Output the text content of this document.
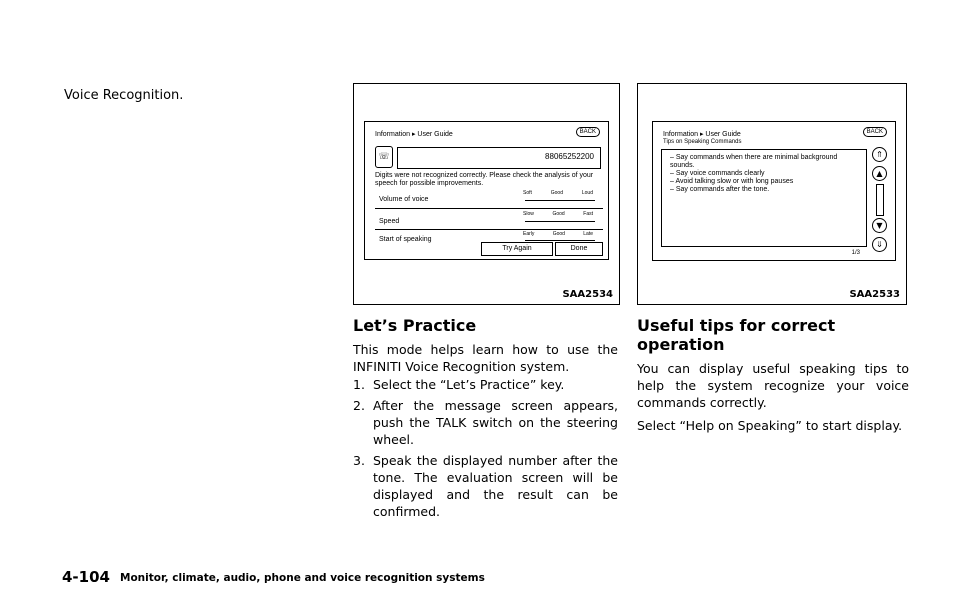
Voice Recognition.
Information ▸ User Guide	BACK
☏	88065252200
Digits were not recognized correctly. Please check the analysis of your speech for possible improvements.
Volume of voice
Soft	Good	Loud
Speed
Slow	Good	Fast
Start of speaking
Early	Good	Late
Try Again	Done
SAA2534
Information ▸ User Guide	BACK
Tips on Speaking Commands
– Say commands when there are minimal background sounds.
– Say voice commands clearly
– Avoid talking slow or with long pauses
– Say commands after the tone.
1/3
⇑
▲
▼
⇓
SAA2533
Let’s Practice
This mode helps learn how to use the INFINITI Voice Recognition system.
1. Select the “Let’s Practice” key.
2. After the message screen appears, push the TALK switch on the steering wheel.
3. Speak the displayed number after the tone. The evaluation screen will be displayed and the result can be confirmed.
Useful tips for correct operation
You can display useful speaking tips to help the system recognize your voice commands correctly.
Select “Help on Speaking” to start display.
4-104 Monitor, climate, audio, phone and voice recognition systems
